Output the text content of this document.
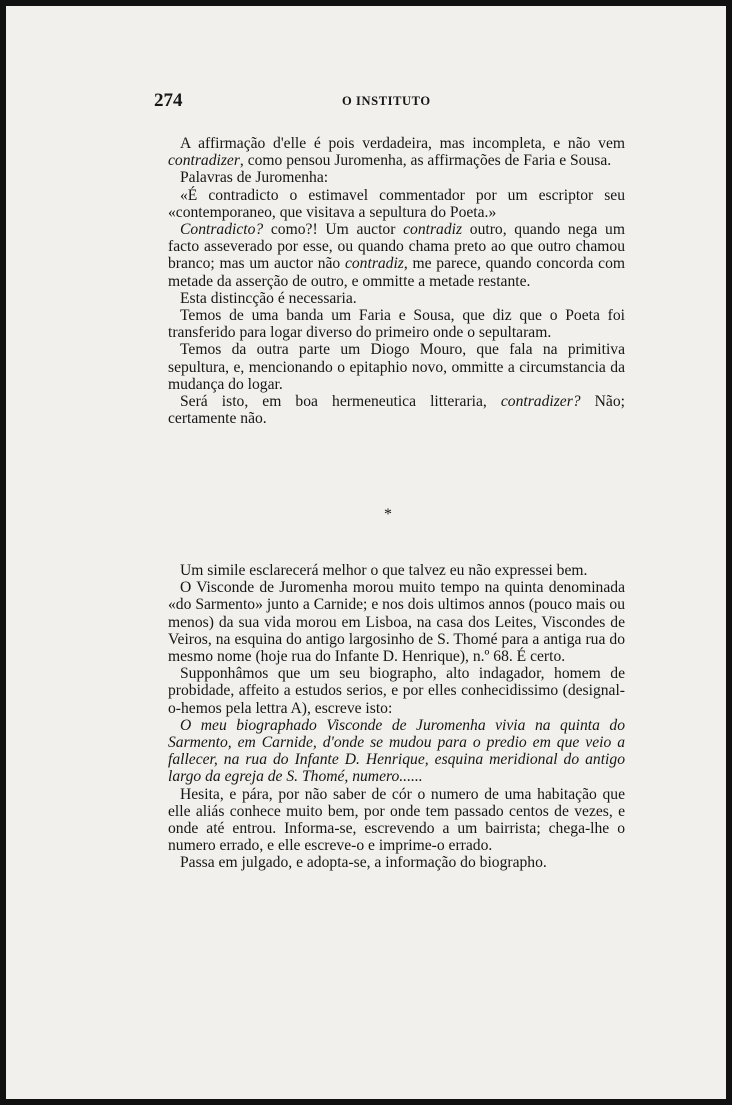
274	O INSTITUTO

A affirmação d'elle é pois verdadeira, mas incompleta, e não vem contradizer, como pensou Juromenha, as affirmações de Faria e Sousa.

Palavras de Juromenha:

«É contradicto o estimavel commentador por um escriptor seu «contemporaneo, que visitava a sepultura do Poeta.»

Contradicto? como?! Um auctor contradiz outro, quando nega um facto asseverado por esse, ou quando chama preto ao que outro chamou branco; mas um auctor não contradiz, me parece, quando concorda com metade da asserção de outro, e ommitte a metade restante.

Esta distincção é necessaria.

Temos de uma banda um Faria e Sousa, que diz que o Poeta foi transferido para logar diverso do primeiro onde o sepultaram.

Temos da outra parte um Diogo Mouro, que fala na primitiva sepultura, e, mencionando o epitaphio novo, ommitte a circumstancia da mudança do logar.

Será isto, em boa hermeneutica litteraria, contradizer? Não; certamente não.

*

Um simile esclarecerá melhor o que talvez eu não expressei bem.

O Visconde de Juromenha morou muito tempo na quinta denominada «do Sarmento» junto a Carnide; e nos dois ultimos annos (pouco mais ou menos) da sua vida morou em Lisboa, na casa dos Leites, Viscondes de Veiros, na esquina do antigo largosinho de S. Thomé para a antiga rua do mesmo nome (hoje rua do Infante D. Henrique), n.º 68. É certo.

Supponhâmos que um seu biographo, alto indagador, homem de probidade, affeito a estudos serios, e por elles conhecidissimo (designal-o-hemos pela lettra A), escreve isto:

O meu biographado Visconde de Juromenha vivia na quinta do Sarmento, em Carnide, d'onde se mudou para o predio em que veio a fallecer, na rua do Infante D. Henrique, esquina meridional do antigo largo da egreja de S. Thomé, numero......

Hesita, e pára, por não saber de cór o numero de uma habitação que elle aliás conhece muito bem, por onde tem passado centos de vezes, e onde até entrou. Informa-se, escrevendo a um bairrista; chega-lhe o numero errado, e elle escreve-o e imprime-o errado.

Passa em julgado, e adopta-se, a informação do biographo.
